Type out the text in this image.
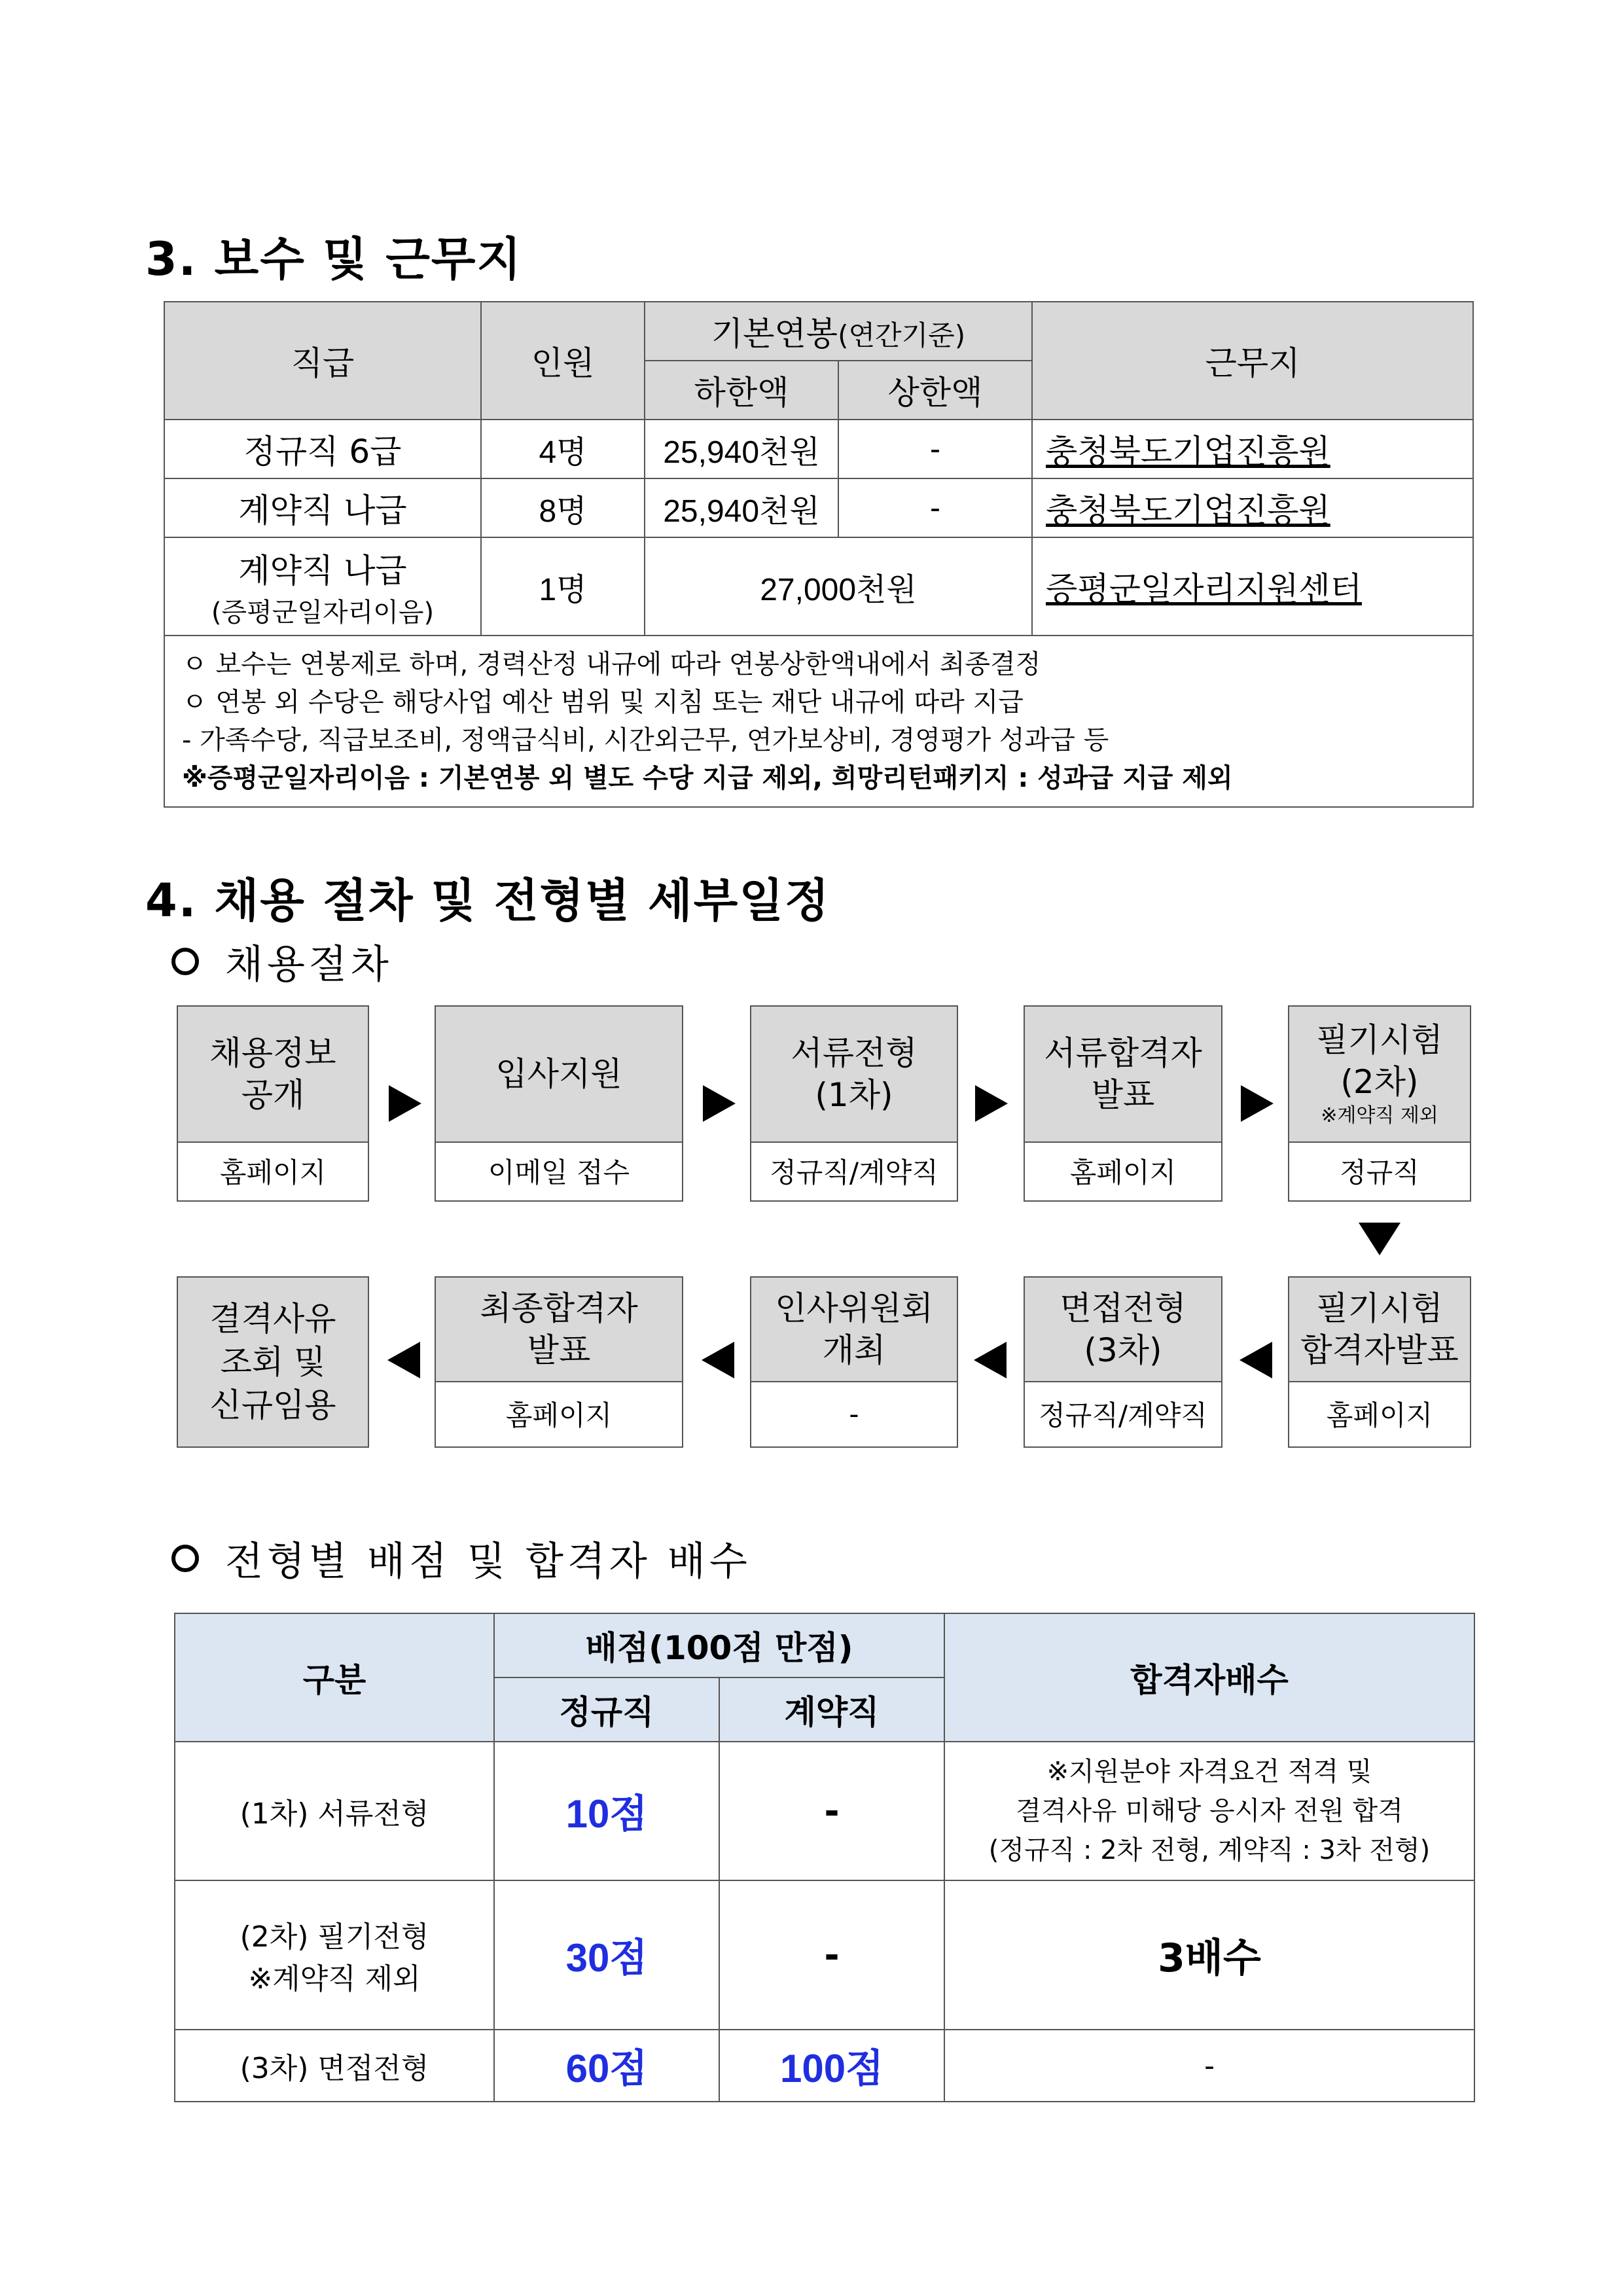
3. 보수 및 근무지
직급	인원	기본연봉(연간기준)		근무지
		하한액	상한액	
정규직 6급	4명	25,940천원	-	충청북도기업진흥원
계약직 나급	8명	25,940천원	-	충청북도기업진흥원
계약직 나급
(증평군일자리이음)	1명	27,000천원		증평군일자리지원센터

ㅇ 보수는 연봉제로 하며, 경력산정 내규에 따라 연봉상한액내에서 최종결정
ㅇ 연봉 외 수당은 해당사업 예산 범위 및 지침 또는 재단 내규에 따라 지급
- 가족수당, 직급보조비, 정액급식비, 시간외근무, 연가보상비, 경영평가 성과급 등
※증평군일자리이음 : 기본연봉 외 별도 수당 지급 제외, 희망리턴패키지 : 성과급 지급 제외				
4. 채용 절차 및 전형별 세부일정
채용절차
채용정보
공개
홈페이지
입사지원
이메일 접수
서류전형
(1차)
정규직/계약직
서류합격자
발표
홈페이지
필기시험
(2차)
※계약직 제외
정규직
필기시험
합격자발표
홈페이지
면접전형
(3차)
정규직/계약직
인사위원회
개최
-
최종합격자
발표
홈페이지
결격사유
조회 및
신규임용
전형별 배점 및 합격자 배수
구분	배점(100점 만점)		합격자배수
	정규직	계약직	
(1차) 서류전형	10점	-	※지원분야 자격요건 적격 및
결격사유 미해당 응시자 전원 합격
(정규직 : 2차 전형, 계약직 : 3차 전형)

(2차) 필기전형
※계약직 제외	30점	-	3배수
(3차) 면접전형	60점	100점	-
